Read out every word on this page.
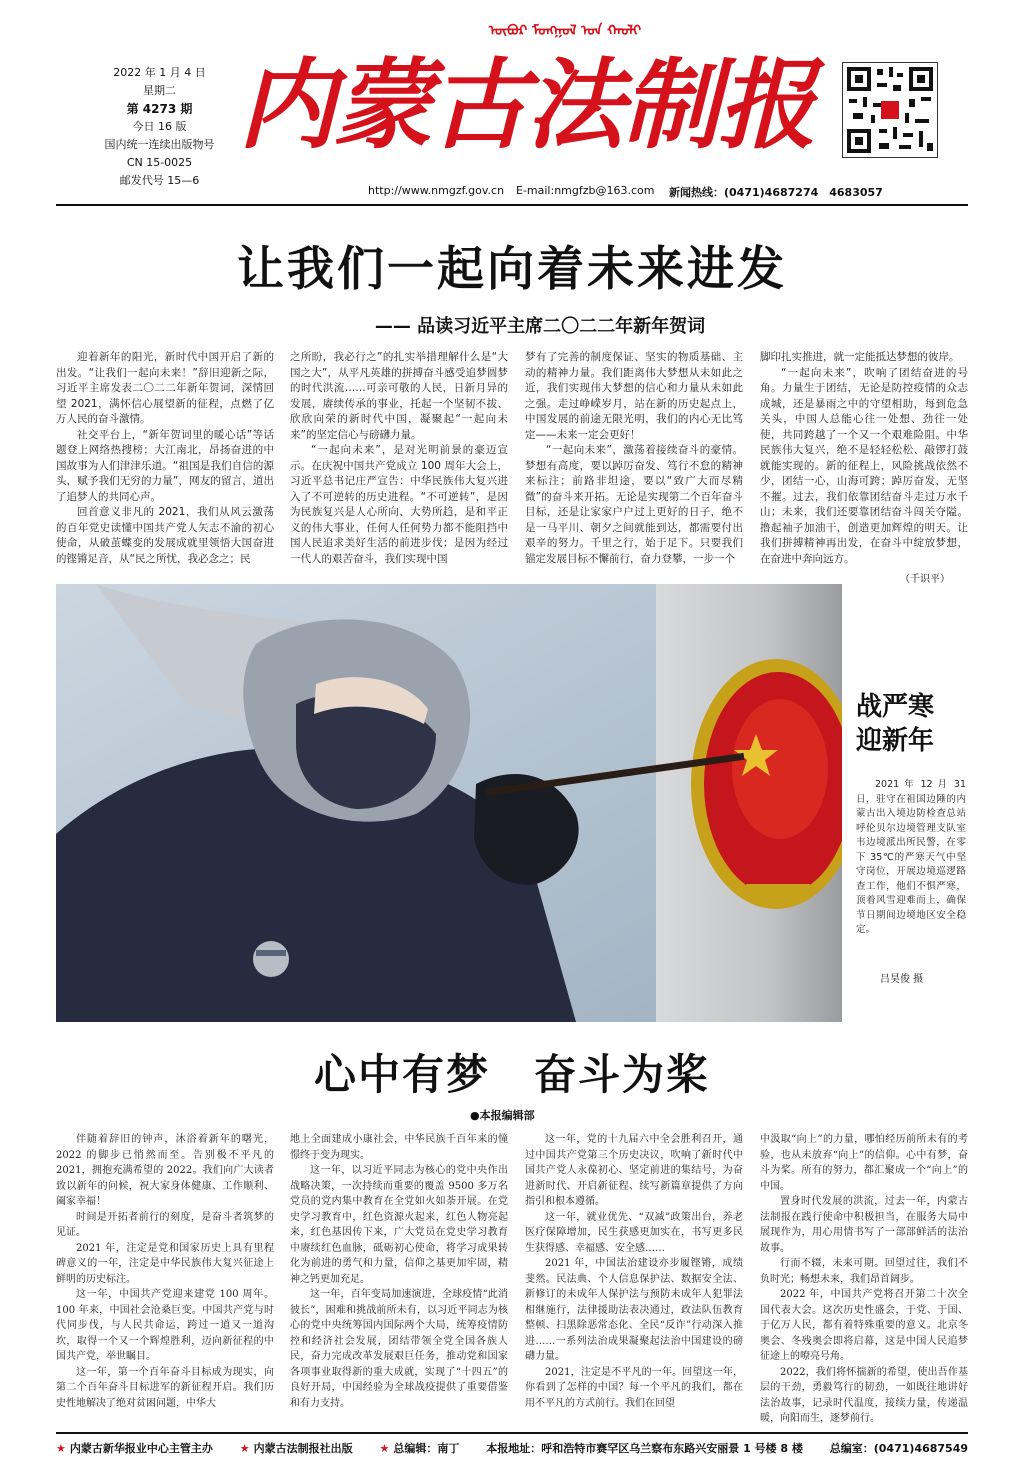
2022 年 1 月 4 日
星期二
第 4273 期
今日 16 版
国内统一连续出版物号
CN 15-0025
邮发代号 15—6
ᠦᠪᠦᠷ ᠮᠣᠩᠭᠣᠯ ᠤᠨ ᠬᠠᠤᠯᠢ
内蒙古法制报
http://www.nmgzf.gov.cn E-mail:nmgfzb@163.com 新闻热线：(0471)4687274　4683057
让我们一起向着未来进发
—— 品读习近平主席二〇二二年新年贺词

迎着新年的阳光，新时代中国开启了新的出发。“让我们一起向未来！”辞旧迎新之际，习近平主席发表二〇二二年新年贺词，深情回望 2021，满怀信心展望新的征程，点燃了亿万人民的奋斗激情。

社交平台上，“新年贺词里的暖心话”等话题登上网络热搜榜；大江南北，昂扬奋进的中国故事为人们津津乐道。“祖国是我们自信的源头，赋予我们无穷的力量”，网友的留言，道出了追梦人的共同心声。

回首意义非凡的 2021，我们从风云激荡的百年党史读懂中国共产党人矢志不渝的初心使命，从破茧蝶变的发展成就里领悟大国奋进的铿锵足音，从“民之所忧，我必念之；民

之所盼，我必行之”的扎实举措理解什么是“大国之大”，从平凡英雄的拼搏奋斗感受追梦圆梦的时代洪流……可亲可敬的人民，日新月异的发展，赓续传承的事业，托起一个坚韧不拔、欣欣向荣的新时代中国，凝聚起“一起向未来”的坚定信心与磅礴力量。

“一起向未来”，是对光明前景的豪迈宣示。在庆祝中国共产党成立 100 周年大会上，习近平总书记庄严宣告：中华民族伟大复兴进入了不可逆转的历史进程。“不可逆转”，是因为民族复兴是人心所向、大势所趋，是和平正义的伟大事业，任何人任何势力都不能阻挡中国人民追求美好生活的前进步伐；是因为经过一代人的艰苦奋斗，我们实现中国

梦有了完善的制度保证、坚实的物质基础、主动的精神力量。我们距离伟大梦想从未如此之近，我们实现伟大梦想的信心和力量从未如此之强。走过峥嵘岁月，站在新的历史起点上，中国发展的前途无限光明，我们的内心无比笃定——未来一定会更好！

“一起向未来”，激荡着接续奋斗的豪情。梦想有高度，要以踔厉奋发、笃行不怠的精神来标注；前路非坦途，要以“致广大而尽精微”的奋斗来开拓。无论是实现第二个百年奋斗目标，还是让家家户户过上更好的日子，绝不是一马平川、朝夕之间就能到达，都需要付出艰辛的努力。千里之行，始于足下。只要我们锚定发展目标不懈前行，奋力登攀，一步一个

脚印扎实推进，就一定能抵达梦想的彼岸。

“一起向未来”，吹响了团结奋进的号角。力量生于团结，无论是防控疫情的众志成城，还是暴雨之中的守望相助，每到危急关头，中国人总能心往一处想、劲往一处使，共同跨越了一个又一个艰难险阻。中华民族伟大复兴，绝不是轻轻松松、敲锣打鼓就能实现的。新的征程上，风险挑战依然不少，团结一心，山海可跨；踔厉奋发，无坚不摧。过去，我们依靠团结奋斗走过万水千山；未来，我们还要靠团结奋斗闯关夺隘。撸起袖子加油干，创造更加辉煌的明天。让我们拼搏精神再出发，在奋斗中绽放梦想，在奋进中奔向远方。

（千识平）
战严寒
迎新年
2021 年 12 月 31 日，驻守在祖国边陲的内蒙古出入境边防检查总站呼伦贝尔边境管理支队室韦边境派出所民警，在零下 35℃的严寒天气中坚守岗位，开展边境巡逻路查工作，他们不惧严寒，顶着风雪迎难而上，确保节日期间边境地区安全稳定。
吕昊俊 摄
心中有梦　奋斗为桨
●本报编辑部

伴随着辞旧的钟声，沐浴着新年的曙光，2022 的脚步已悄然而至。告别极不平凡的 2021，拥抱充满希望的 2022。我们向广大读者致以新年的问候，祝大家身体健康、工作顺利、阖家幸福！

时间是开拓者前行的刻度，是奋斗者筑梦的见证。

2021 年，注定是党和国家历史上具有里程碑意义的一年，注定是中华民族伟大复兴征途上鲜明的历史标注。

这一年，中国共产党迎来建党 100 周年。100 年来，中国社会沧桑巨变。中国共产党与时代同步伐，与人民共命运，跨过一道又一道沟坎，取得一个又一个辉煌胜利，迈向新征程的中国共产党，举世瞩目。

这一年，第一个百年奋斗目标成为现实，向第二个百年奋斗目标进军的新征程开启。我们历史性地解决了绝对贫困问题，中华大

地上全面建成小康社会，中华民族千百年来的憧憬终于变为现实。

这一年，以习近平同志为核心的党中央作出战略决策，一次持续而重要的覆盖 9500 多万名党员的党内集中教育在全党如火如荼开展。在党史学习教育中，红色资源火起来，红色人物亮起来，红色基因传下来，广大党员在党史学习教育中赓续红色血脉，砥砺初心使命，将学习成果转化为前进的勇气和力量，信仰之基更加牢固，精神之钙更加充足。

这一年，百年变局加速演进，全球疫情“此消彼长”，困难和挑战前所未有，以习近平同志为核心的党中央统筹国内国际两个大局，统筹疫情防控和经济社会发展，团结带领全党全国各族人民，奋力完成改革发展艰巨任务，推动党和国家各项事业取得新的重大成就，实现了“十四五”的良好开局，中国经验为全球战疫提供了重要借鉴和有力支持。

这一年，党的十九届六中全会胜利召开，通过中国共产党第三个历史决议，吹响了新时代中国共产党人永葆初心、坚定前进的集结号，为奋进新时代、开启新征程、续写新篇章提供了方向指引和根本遵循。

这一年，就业优先、“双减”政策出台，养老医疗保障增加，民生获感更加实在，书写更多民生获得感、幸福感、安全感……

2021 年，中国法治建设亦步履铿锵，成绩斐然。民法典、个人信息保护法、数据安全法、新修订的未成年人保护法与预防未成年人犯罪法相继施行，法律援助法表决通过，政法队伍教育整顿、扫黑除恶常态化、全民“反诈”行动深入推进……一系列法治成果凝聚起法治中国建设的磅礴力量。

2021，注定是不平凡的一年。回望这一年，你看到了怎样的中国？每一个平凡的我们，都在用不平凡的方式前行。我们在回望

中汲取“向上”的力量，哪怕经历前所未有的考验，也从未放弃“向上”的信仰。心中有梦，奋斗为桨。所有的努力，都汇聚成一个“向上”的中国。

置身时代发展的洪流，过去一年，内蒙古法制报在践行使命中积极担当，在服务大局中展现作为，用心用情书写了一部部鲜活的法治故事。

行而不辍，未来可期。回望过往，我们不负时光；畅想未来，我们昂首阔步。

2022 年，中国共产党将召开第二十次全国代表大会。这次历史性盛会，于党、于国、于亿万人民，都有着特殊重要的意义。北京冬奥会、冬残奥会即将启幕，这是中国人民追梦征途上的嘹亮号角。

2022，我们将怀揣新的希望，使出吾作基层的干劲，勇毅笃行的韧劲，一如既往地讲好法治故事，记录时代温度，接续力量，传递温暖，向阳而生，逐梦前行。

★ 内蒙古新华报业中心主管主办 ★ 内蒙古法制报社出版 ★ 总编辑：南丁 本报地址：呼和浩特市赛罕区乌兰察布东路兴安丽景 1 号楼 8 楼 总编室：(0471)4687549
